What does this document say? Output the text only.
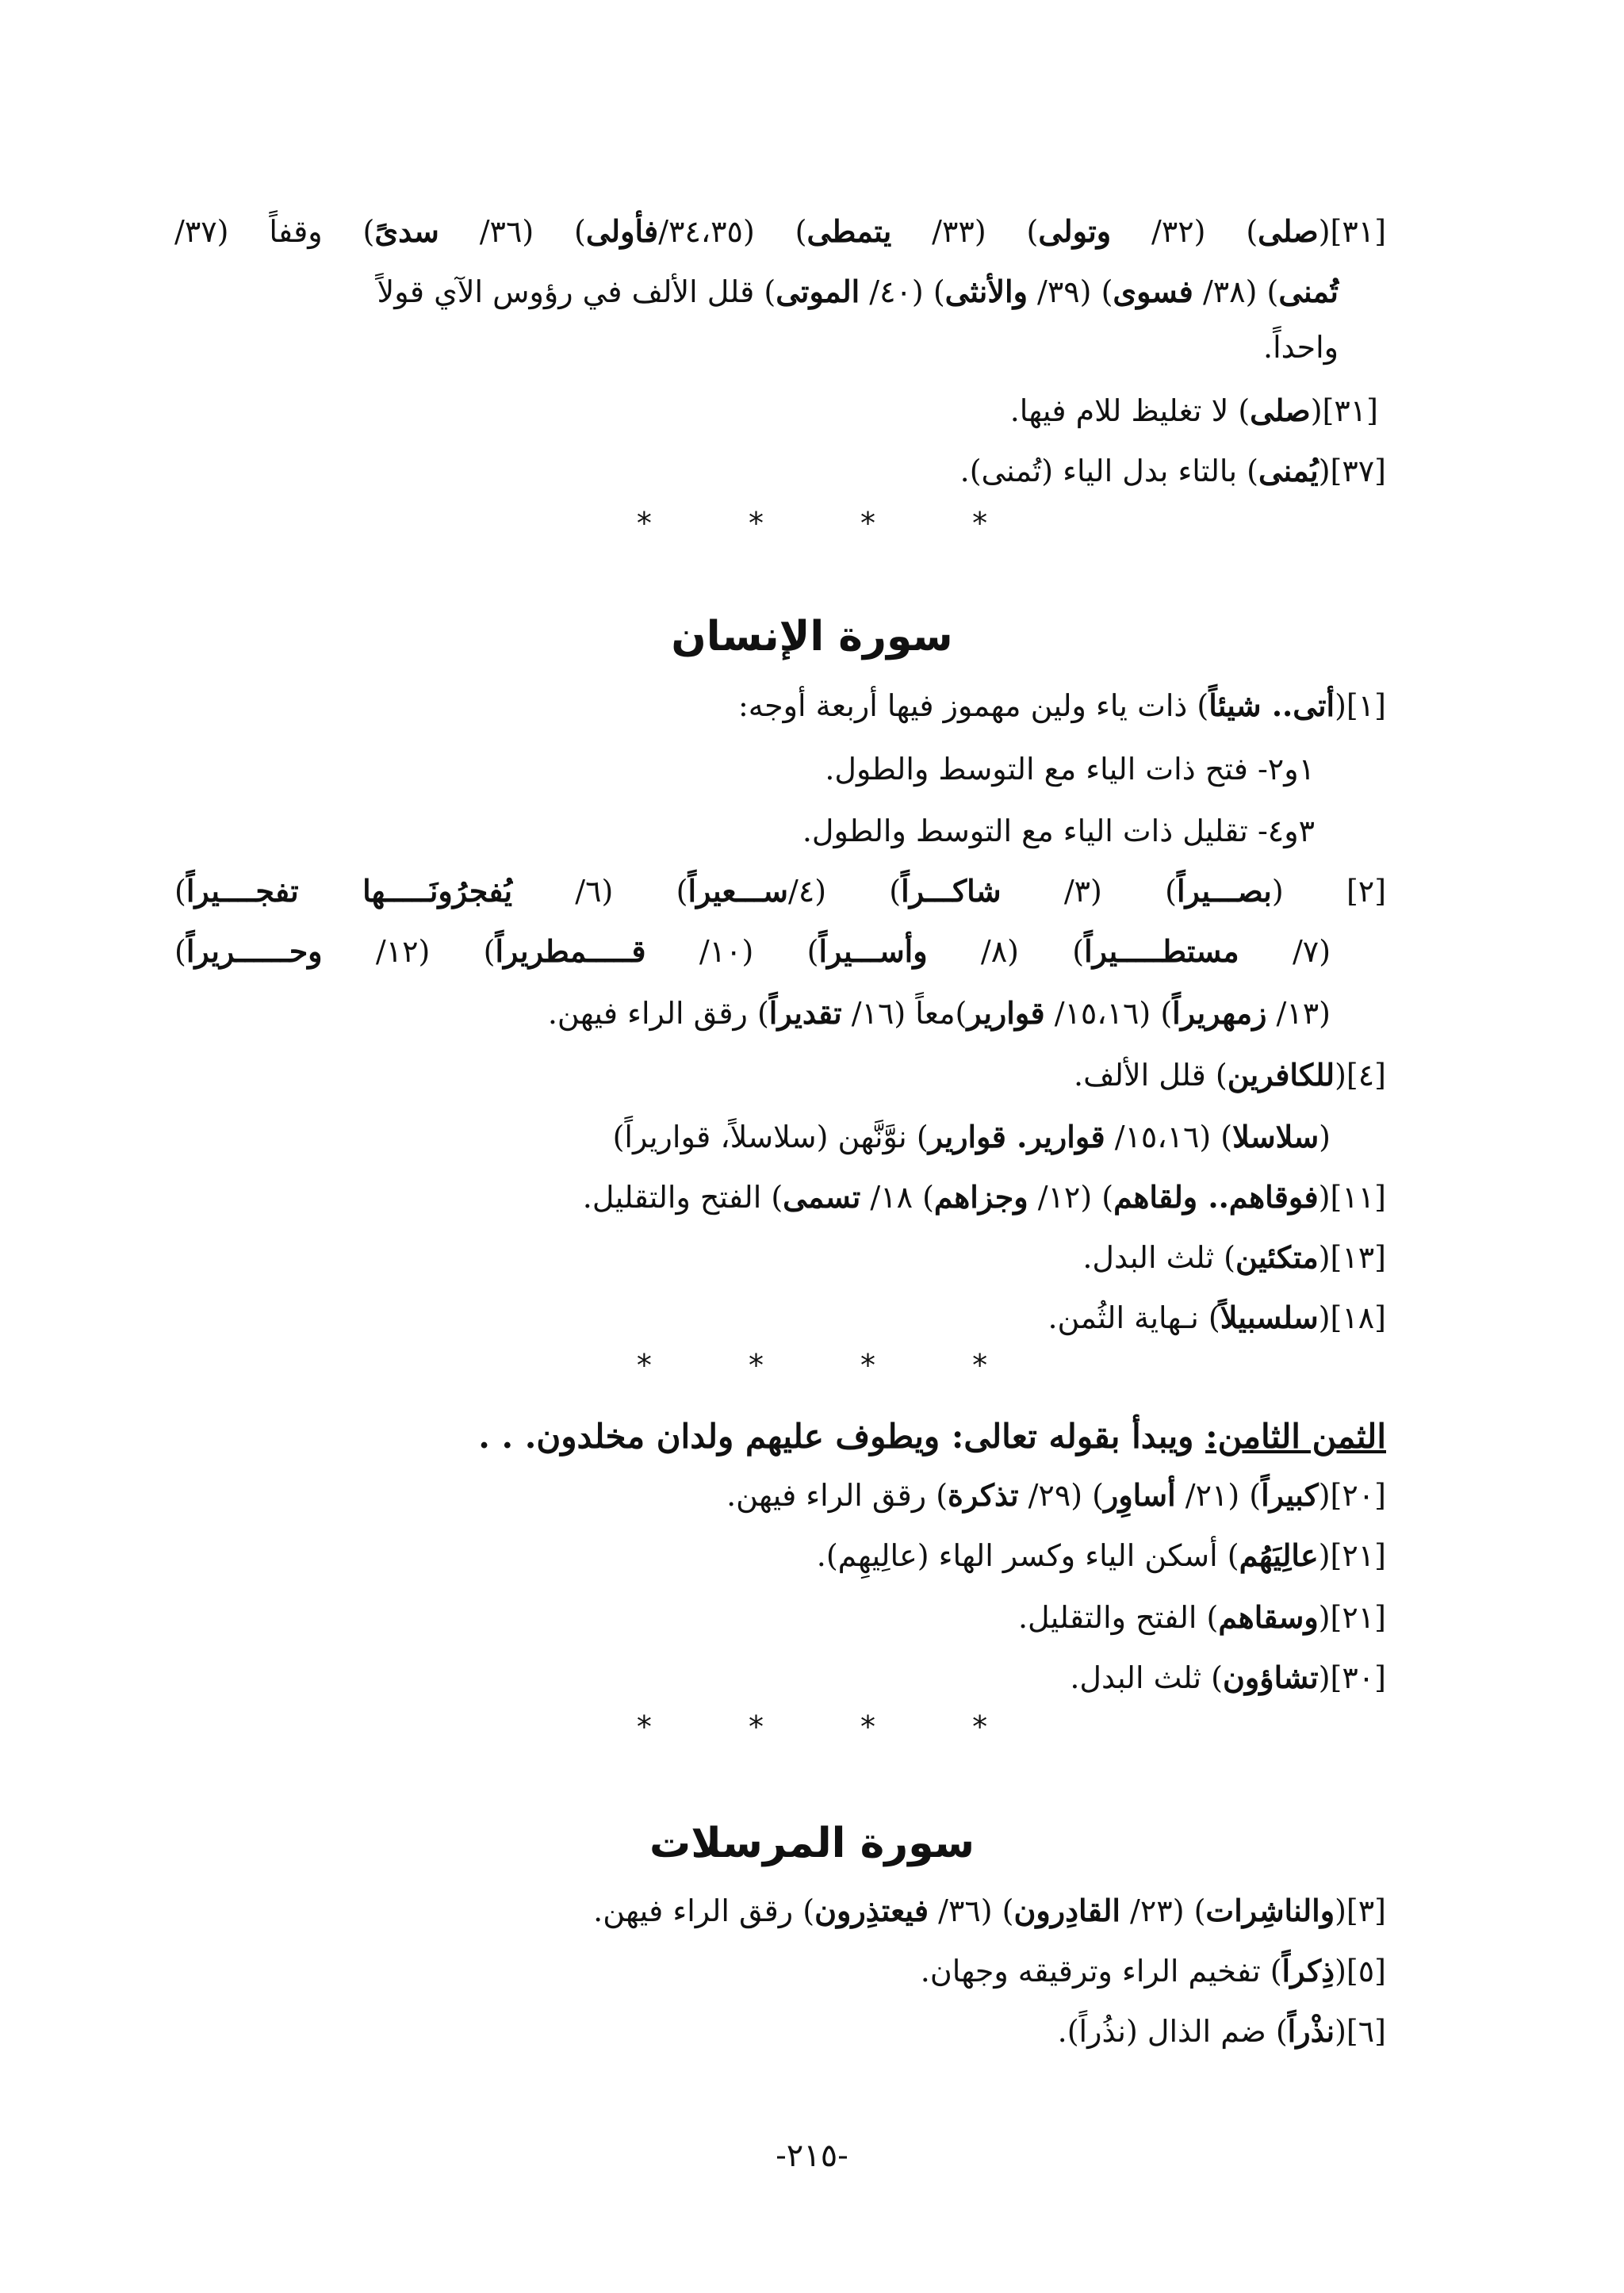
[٣١](صلى) (٣٢/ وتولى) (٣٣/ يتمطى) (٣٤،٣٥/فأولى) (٣٦/ سدىً) وقفاً (٣٧/
تُمنى) (٣٨/ فسوى) (٣٩/ والأنثى) (٤٠/ الموتى) قلل الألف في رؤوس الآي قولاً
واحداً.
[٣١](صلى) لا تغليظ للام فيها.
[٣٧](يُمنى) بالتاء بدل الياء (تُمنى).
* * * *
سورة الإنسان
[١](أتى.. شيئاً) ذات ياء ولين مهموز فيها أربعة أوجه:
١و٢- فتح ذات الياء مع التوسط والطول.
٣و٤- تقليل ذات الياء مع التوسط والطول.
[٢] (بصـــيراً) (٣/ شاكـــراً) (٤/ســـعيراً) (٦/ يُفجرُونَـــــها تفجــــيراً)
(٧/ مستطـــــيراً) (٨/ وأســـيراً) (١٠/ قـــــمطريراً) (١٢/ وحــــــريراً)
(١٣/ زمهريراً) (١٥،١٦/ قوارير)معاً (١٦/ تقديراً) رقق الراء فيهن.
[٤](للكافرين) قلل الألف.
(سلاسلا) (١٥،١٦/ قوارير. قوارير) نوَّنَّهن (سلاسلاً، قواريراً)
[١١](فوقاهم.. ولقاهم) (١٢/ وجزاهم) ١٨/ تسمى) الفتح والتقليل.
[١٣](متكئين) ثلث البدل.
[١٨](سلسبيلاً) نـهاية الثُمن.
* * * *
الثمن الثامن: ويبدأ بقوله تعالى: ويطوف عليهم ولدان مخلدون. . .
[٢٠](كبيراً) (٢١/ أساوِر) (٢٩/ تذكرة) رقق الراء فيهن.
[٢١](عالِيَهُم) أسكن الياء وكسر الهاء (عالِيهِم).
[٢١](وسقاهم) الفتح والتقليل.
[٣٠](تشاؤون) ثلث البدل.
* * * *
سورة المرسلات
[٣](والناشِرات) (٢٣/ القادِرون) (٣٦/ فيعتذِرون) رقق الراء فيهن.
[٥](ذِكراً) تفخيم الراء وترقيقه وجهان.
[٦](نذْراً) ضم الذال (نذُراً).
-٢١٥-
